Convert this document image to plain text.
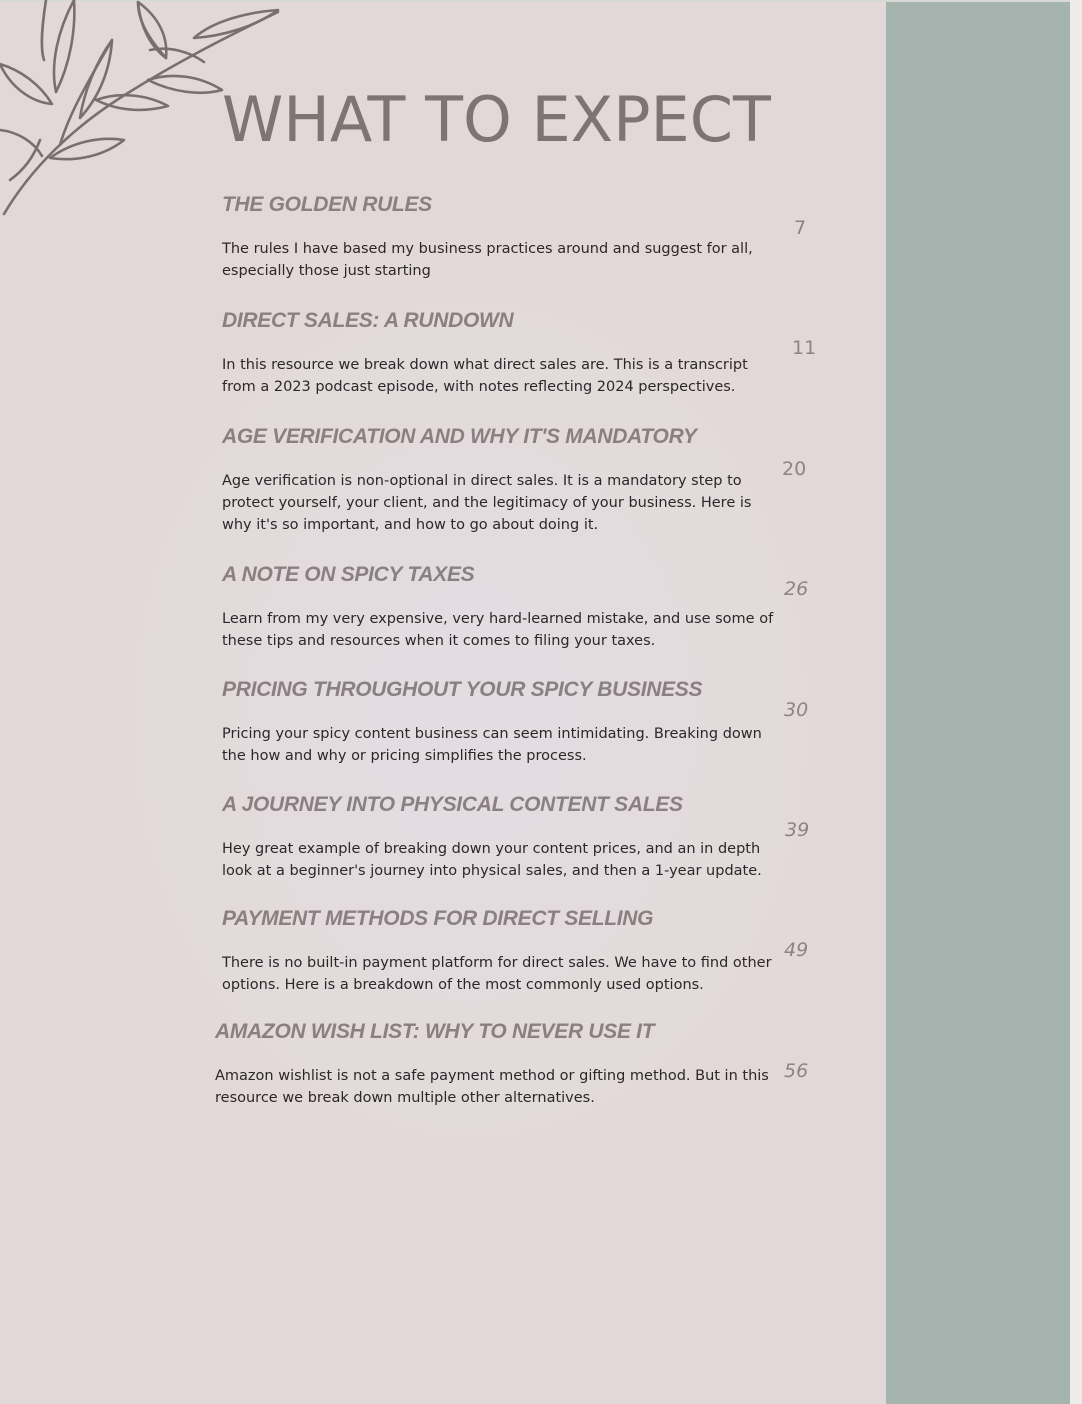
WHAT TO EXPECT
THE GOLDEN RULES

The rules I have based my business practices around and suggest for all, especially those just starting

7
DIRECT SALES: A RUNDOWN

In this resource we break down what direct sales are. This is a transcript from a 2023 podcast episode, with notes reflecting 2024 perspectives.

11
AGE VERIFICATION AND WHY IT'S MANDATORY

Age verification is non-optional in direct sales. It is a mandatory step to protect yourself, your client, and the legitimacy of your business. Here is why it's so important, and how to go about doing it.

20
A NOTE ON SPICY TAXES

Learn from my very expensive, very hard-learned mistake, and use some of these tips and resources when it comes to filing your taxes.

26
PRICING THROUGHOUT YOUR SPICY BUSINESS

Pricing your spicy content business can seem intimidating. Breaking down the how and why or pricing simplifies the process.

30
A JOURNEY INTO PHYSICAL CONTENT SALES

Hey great example of breaking down your content prices, and an in depth look at a beginner's journey into physical sales, and then a 1-year update.

39
PAYMENT METHODS FOR DIRECT SELLING

There is no built-in payment platform for direct sales. We have to find other options. Here is a breakdown of the most commonly used options.

49
AMAZON WISH LIST: WHY TO NEVER USE IT

Amazon wishlist is not a safe payment method or gifting method. But in this resource we break down multiple other alternatives.

56
